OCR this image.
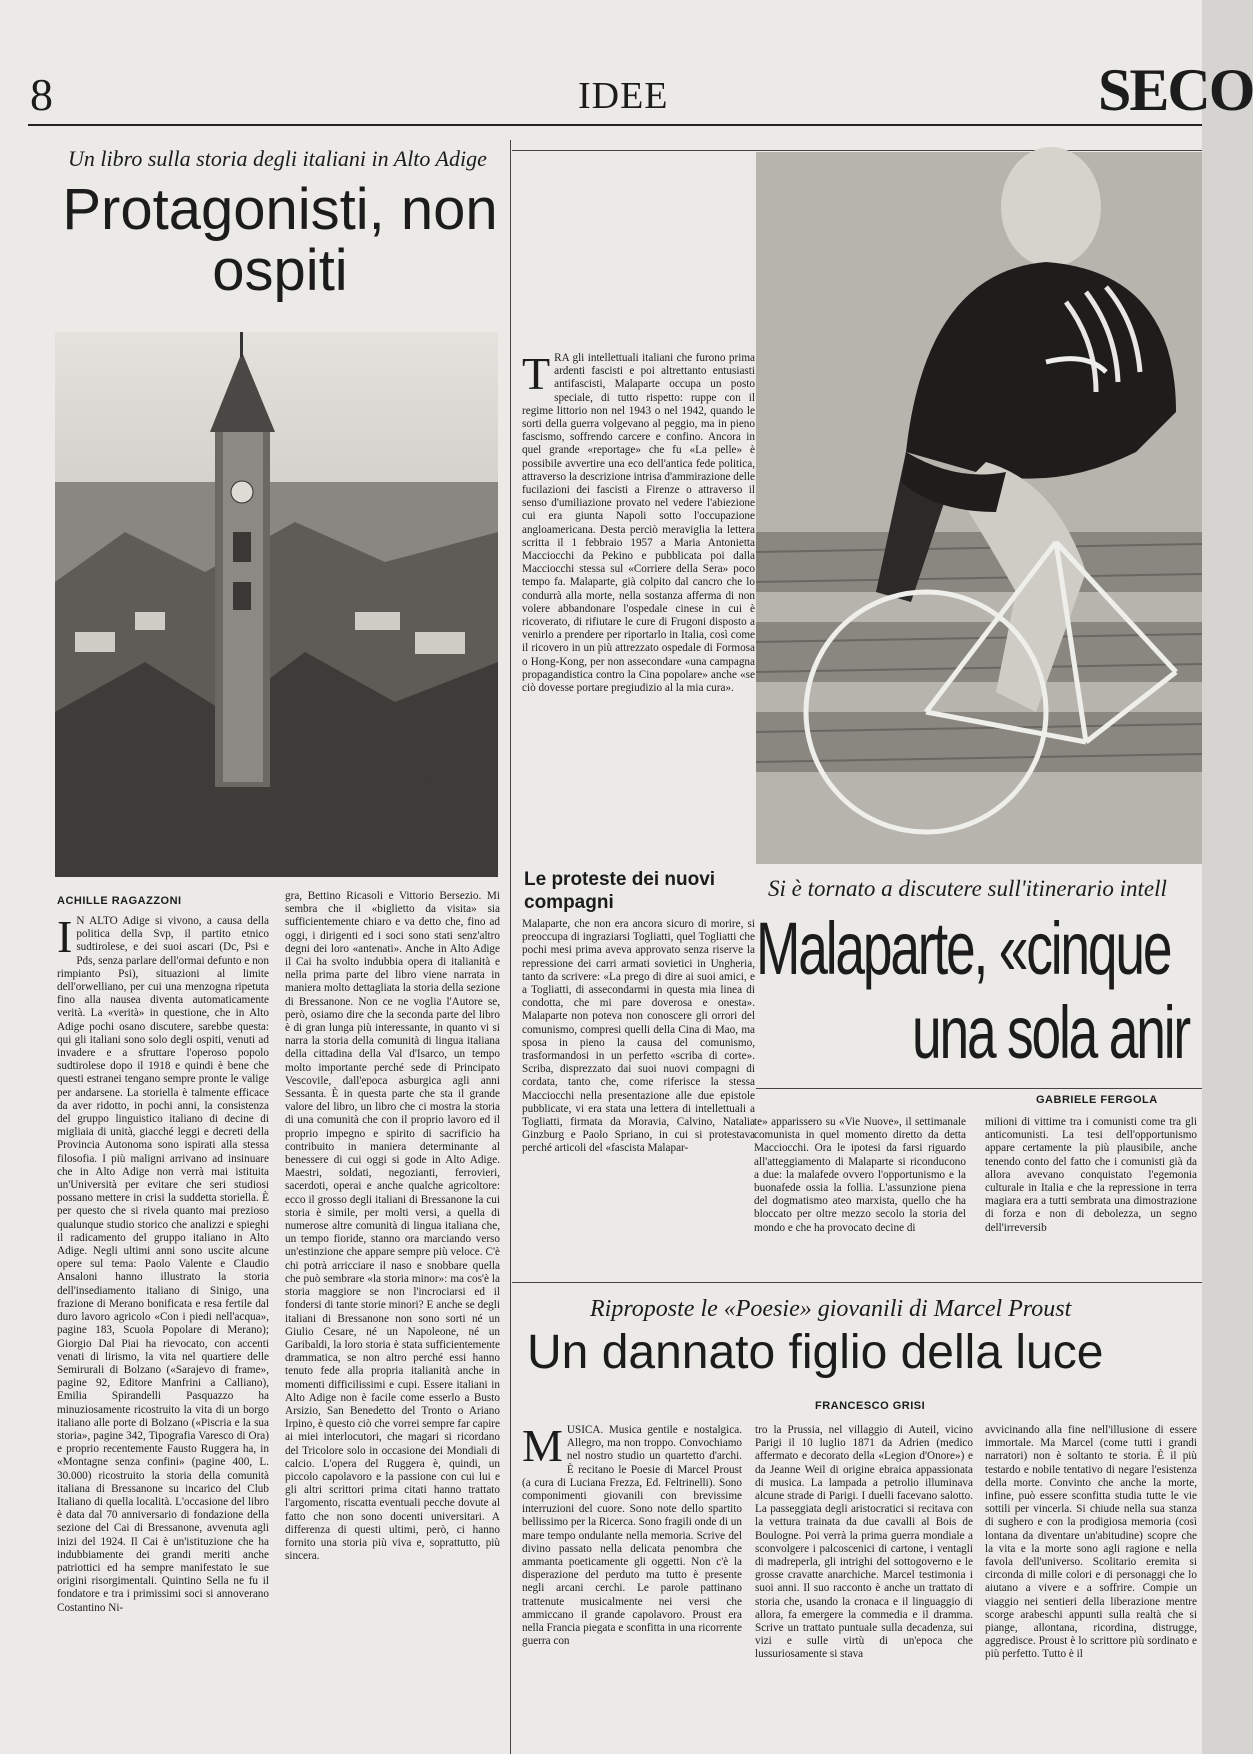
8	IDEE	SECO
Un libro sulla storia degli italiani in Alto Adige
Protagonisti, non ospiti
ACHILLE RAGAZZONI
I N ALTO Adige si vivono, a causa della politica della Svp, il partito etnico sudtirolese, e dei suoi ascari (Dc, Psi e Pds, senza parlare dell'ormai defunto e non rimpianto Psi), situazioni al limite dell'orwelliano, per cui una menzogna ripetuta fino alla nausea diventa automaticamente verità. La «verità» in questione, che in Alto Adige pochi osano discutere, sarebbe questa: qui gli italiani sono solo degli ospiti, venuti ad invadere e a sfruttare l'operoso popolo sudtirolese dopo il 1918 e quindi è bene che questi estranei tengano sempre pronte le valige per andarsene. La storiella è talmente efficace da aver ridotto, in pochi anni, la consistenza del gruppo linguistico italiano di decine di migliaia di unità, giacché leggi e decreti della Provincia Autonoma sono ispirati alla stessa filosofia. I più maligni arrivano ad insinuare che in Alto Adige non verrà mai istituita un'Università per evitare che seri studiosi possano mettere in crisi la suddetta storiella. È per questo che si rivela quanto mai prezioso qualunque studio storico che analizzi e spieghi il radicamento del gruppo italiano in Alto Adige. Negli ultimi anni sono uscite alcune opere sul tema: Paolo Valente e Claudio Ansaloni hanno illustrato la storia dell'insediamento italiano di Sinigo, una frazione di Merano bonificata e resa fertile dal duro lavoro agricolo «Con i piedi nell'acqua», pagine 183, Scuola Popolare di Merano); Giorgio Dal Piai ha rievocato, con accenti venati di lirismo, la vita nel quartiere delle Semirurali di Bolzano («Sarajevo di frame», pagine 92, Editore Manfrini a Calliano), Emilia Spirandelli Pasquazzo ha minuziosamente ricostruito la vita di un borgo italiano alle porte di Bolzano («Piscria e la sua storia», pagine 342, Tipografia Varesco di Ora) e proprio recentemente Fausto Ruggera ha, in «Montagne senza confini» (pagine 400, L. 30.000) ricostruito la storia della comunità italiana di Bressanone su incarico del Club Italiano di quella località. L'occasione del libro è data dal 70 anniversario di fondazione della sezione del Cai di Bressanone, avvenuta agli inizi del 1924. Il Cai è un'istituzione che ha indubbiamente dei grandi meriti anche patriottici ed ha sempre manifestato le sue origini risorgimentali. Quintino Sella ne fu il fondatore e tra i primissimi soci si annoverano Costantino Ni-
gra, Bettino Ricasoli e Vittorio Bersezio. Mi sembra che il «biglietto da visita» sia sufficientemente chiaro e va detto che, fino ad oggi, i dirigenti ed i soci sono stati senz'altro degni dei loro «antenati». Anche in Alto Adige il Cai ha svolto indubbia opera di italianità e nella prima parte del libro viene narrata in maniera molto dettagliata la storia della sezione di Bressanone. Non ce ne voglia l'Autore se, però, osiamo dire che la seconda parte del libro è di gran lunga più interessante, in quanto vi si narra la storia della comunità di lingua italiana della cittadina della Val d'Isarco, un tempo molto importante perché sede di Principato Vescovile, dall'epoca asburgica agli anni Sessanta. È in questa parte che sta il grande valore del libro, un libro che ci mostra la storia di una comunità che con il proprio lavoro ed il proprio impegno e spirito di sacrificio ha contribuito in maniera determinante al benessere di cui oggi si gode in Alto Adige. Maestri, soldati, negozianti, ferrovieri, sacerdoti, operai e anche qualche agricoltore: ecco il grosso degli italiani di Bressanone la cui storia è simile, per molti versi, a quella di numerose altre comunità di lingua italiana che, un tempo fioride, stanno ora marciando verso un'estinzione che appare sempre più veloce. C'è chi potrà arricciare il naso e snobbare quella che può sembrare «la storia minor»: ma cos'è la storia maggiore se non l'incrociarsi ed il fondersi di tante storie minori? E anche se degli italiani di Bressanone non sono sorti né un Giulio Cesare, né un Napoleone, né un Garibaldi, la loro storia è stata sufficientemente drammatica, se non altro perché essi hanno tenuto fede alla propria italianità anche in momenti difficilissimi e cupi. Essere italiani in Alto Adige non è facile come esserlo a Busto Arsizio, San Benedetto del Tronto o Ariano Irpino, è questo ciò che vorrei sempre far capire ai miei interlocutori, che magari si ricordano del Tricolore solo in occasione dei Mondiali di calcio. L'opera del Ruggera è, quindi, un piccolo capolavoro e la passione con cui lui e gli altri scrittori prima citati hanno trattato l'argomento, riscatta eventuali pecche dovute al fatto che non sono docenti universitari. A differenza di questi ultimi, però, ci hanno fornito una storia più viva e, soprattutto, più sincera.
TRA gli intellettuali italiani che furono prima ardenti fascisti e poi altrettanto entusiasti antifascisti, Malaparte occupa un posto speciale, di tutto rispetto: ruppe con il regime littorio non nel 1943 o nel 1942, quando le sorti della guerra volgevano al peggio, ma in pieno fascismo, soffrendo carcere e confino. Ancora in quel grande «reportage» che fu «La pelle» è possibile avvertire una eco dell'antica fede politica, attraverso la descrizione intrisa d'ammirazione delle fucilazioni dei fascisti a Firenze o attraverso il senso d'umiliazione provato nel vedere l'abiezione cui era giunta Napoli sotto l'occupazione angloamericana. Desta perciò meraviglia la lettera scritta il 1 febbraio 1957 a Maria Antonietta Macciocchi da Pekino e pubblicata poi dalla Macciocchi stessa sul «Corriere della Sera» poco tempo fa. Malaparte, già colpito dal cancro che lo condurrà alla morte, nella sostanza afferma di non volere abbandonare l'ospedale cinese in cui è ricoverato, di rifiutare le cure di Frugoni disposto a venirlo a prendere per riportarlo in Italia, così come il ricovero in un più attrezzato ospedale di Formosa o Hong-Kong, per non assecondare «una campagna propagandistica contro la Cina popolare» anche «se ciò dovesse portare pregiudizio al la mia cura».
Le proteste dei nuovi compagni
Malaparte, che non era ancora sicuro di morire, si preoccupa di ingraziarsi Togliatti, quel Togliatti che pochi mesi prima aveva approvato senza riserve la repressione dei carri armati sovietici in Ungheria, tanto da scrivere: «La prego di dire ai suoi amici, e a Togliatti, di assecondarmi in questa mia linea di condotta, che mi pare doverosa e onesta». Malaparte non poteva non conoscere gli orrori del comunismo, compresi quelli della Cina di Mao, ma sposa in pieno la causa del comunismo, trasformandosi in un perfetto «scriba di corte». Scriba, disprezzato dai suoi nuovi compagni di cordata, tanto che, come riferisce la stessa Macciocchi nella presentazione alle due epistole pubblicate, vi era stata una lettera di intellettuali a Togliatti, firmata da Moravia, Calvino, Natalia Ginzburg e Paolo Spriano, in cui si protestava perché articoli del «fascista Malapar-
Si è tornato a discutere sull'itinerario intell
Malaparte, «cinque
una sola anir
GABRIELE FERGOLA
te» apparissero su «Vie Nuove», il settimanale comunista in quel momento diretto da detta Macciocchi. Ora le ipotesi da farsi riguardo all'atteggiamento di Malaparte si riconducono a due: la malafede ovvero l'opportunismo e la buonafede ossia la follia. L'assunzione piena del dogmatismo ateo marxista, quello che ha bloccato per oltre mezzo secolo la storia del mondo e che ha provocato decine di
milioni di vittime tra i comunisti come tra gli anticomunisti. La tesi dell'opportunismo appare certamente la più plausibile, anche tenendo conto del fatto che i comunisti già da allora avevano conquistato l'egemonia culturale in Italia e che la repressione in terra magiara era a tutti sembrata una dimostrazione di forza e non di debolezza, un segno dell'irreversib
Riproposte le «Poesie» giovanili di Marcel Proust
Un dannato figlio della luce
FRANCESCO GRISI
MUSICA. Musica gentile e nostalgica. Allegro, ma non troppo. Convochiamo nel nostro studio un quartetto d'archi. È recitano le Poesie di Marcel Proust (a cura di Luciana Frezza, Ed. Feltrinelli). Sono componimenti giovanili con brevissime interruzioni del cuore. Sono note dello spartito bellissimo per la Ricerca. Sono fragili onde di un mare tempo ondulante nella memoria. Scrive del divino passato nella delicata penombra che ammanta poeticamente gli oggetti. Non c'è la disperazione del perduto ma tutto è presente negli arcani cerchi. Le parole pattinano trattenute musicalmente nei versi che ammiccano il grande capolavoro. Proust era nella Francia piegata e sconfitta in una ricorrente guerra con
tro la Prussia, nel villaggio di Auteil, vicino Parigi il 10 luglio 1871 da Adrien (medico affermato e decorato della «Legion d'Onore») e da Jeanne Weil di origine ebraica appassionata di musica. La lampada a petrolio illuminava alcune strade di Parigi. I duelli facevano salotto. La passeggiata degli aristocratici si recitava con la vettura trainata da due cavalli al Bois de Boulogne. Poi verrà la prima guerra mondiale a sconvolgere i palcoscenici di cartone, i ventagli di madreperla, gli intrighi del sottogoverno e le grosse cravatte anarchiche. Marcel testimonia i suoi anni. Il suo racconto è anche un trattato di storia che, usando la cronaca e il linguaggio di allora, fa emergere la commedia e il dramma. Scrive un trattato puntuale sulla decadenza, sui vizi e sulle virtù di un'epoca che lussuriosamente si stava
avvicinando alla fine nell'illusione di essere immortale. Ma Marcel (come tutti i grandi narratori) non è soltanto te storia. È il più testardo e nobile tentativo di negare l'esistenza della morte. Convinto che anche la morte, infine, può essere sconfitta studia tutte le vie sottili per vincerla. Si chiude nella sua stanza di sughero e con la prodigiosa memoria (così lontana da diventare un'abitudine) scopre che la vita e la morte sono agli ragione e nella favola dell'universo. Scolitario eremita si circonda di mille colori e di personaggi che lo aiutano a vivere e a soffrire. Compie un viaggio nei sentieri della liberazione mentre scorge arabeschi appunti sulla realtà che si piange, allontana, ricordina, distrugge, aggredisce. Proust è lo scrittore più sordinato e più perfetto. Tutto è il
